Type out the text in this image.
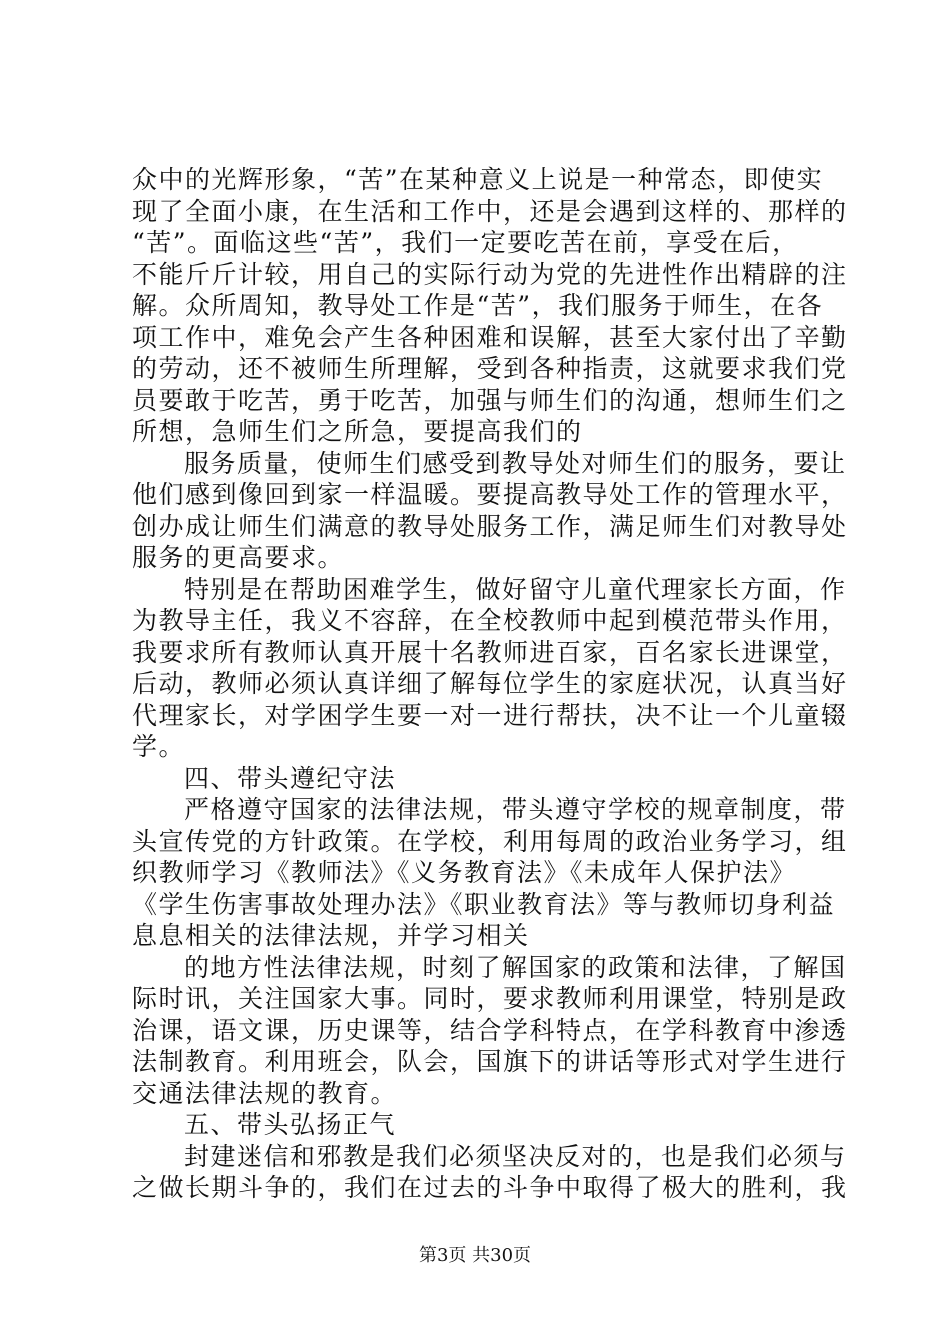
众中的光辉形象，“苦”在某种意义上说是一种常态，即使实
现了全面小康，在生活和工作中，还是会遇到这样的、那样的
“苦”。面临这些“苦”，我们一定要吃苦在前，享受在后，
不能斤斤计较，用自己的实际行动为党的先进性作出精辟的注
解。众所周知，教导处工作是“苦”，我们服务于师生，在各
项工作中，难免会产生各种困难和误解，甚至大家付出了辛勤
的劳动，还不被师生所理解，受到各种指责，这就要求我们党
员要敢于吃苦，勇于吃苦，加强与师生们的沟通，想师生们之
所想，急师生们之所急，要提高我们的
服务质量，使师生们感受到教导处对师生们的服务，要让
他们感到像回到家一样温暖。要提高教导处工作的管理水平，
创办成让师生们满意的教导处服务工作，满足师生们对教导处
服务的更高要求。
特别是在帮助困难学生，做好留守儿童代理家长方面，作
为教导主任，我义不容辞，在全校教师中起到模范带头作用，
我要求所有教师认真开展十名教师进百家，百名家长进课堂，
后动，教师必须认真详细了解每位学生的家庭状况，认真当好
代理家长，对学困学生要一对一进行帮扶，决不让一个儿童辍
学。
四、带头遵纪守法
严格遵守国家的法律法规，带头遵守学校的规章制度，带
头宣传党的方针政策。在学校，利用每周的政治业务学习，组
织教师学习《教师法》《义务教育法》《未成年人保护法》
《学生伤害事故处理办法》《职业教育法》等与教师切身利益
息息相关的法律法规，并学习相关
的地方性法律法规，时刻了解国家的政策和法律，了解国
际时讯，关注国家大事。同时，要求教师利用课堂，特别是政
治课，语文课，历史课等，结合学科特点，在学科教育中渗透
法制教育。利用班会，队会，国旗下的讲话等形式对学生进行
交通法律法规的教育。
五、带头弘扬正气
封建迷信和邪教是我们必须坚决反对的，也是我们必须与
之做长期斗争的，我们在过去的斗争中取得了极大的胜利，我
第3页 共30页
